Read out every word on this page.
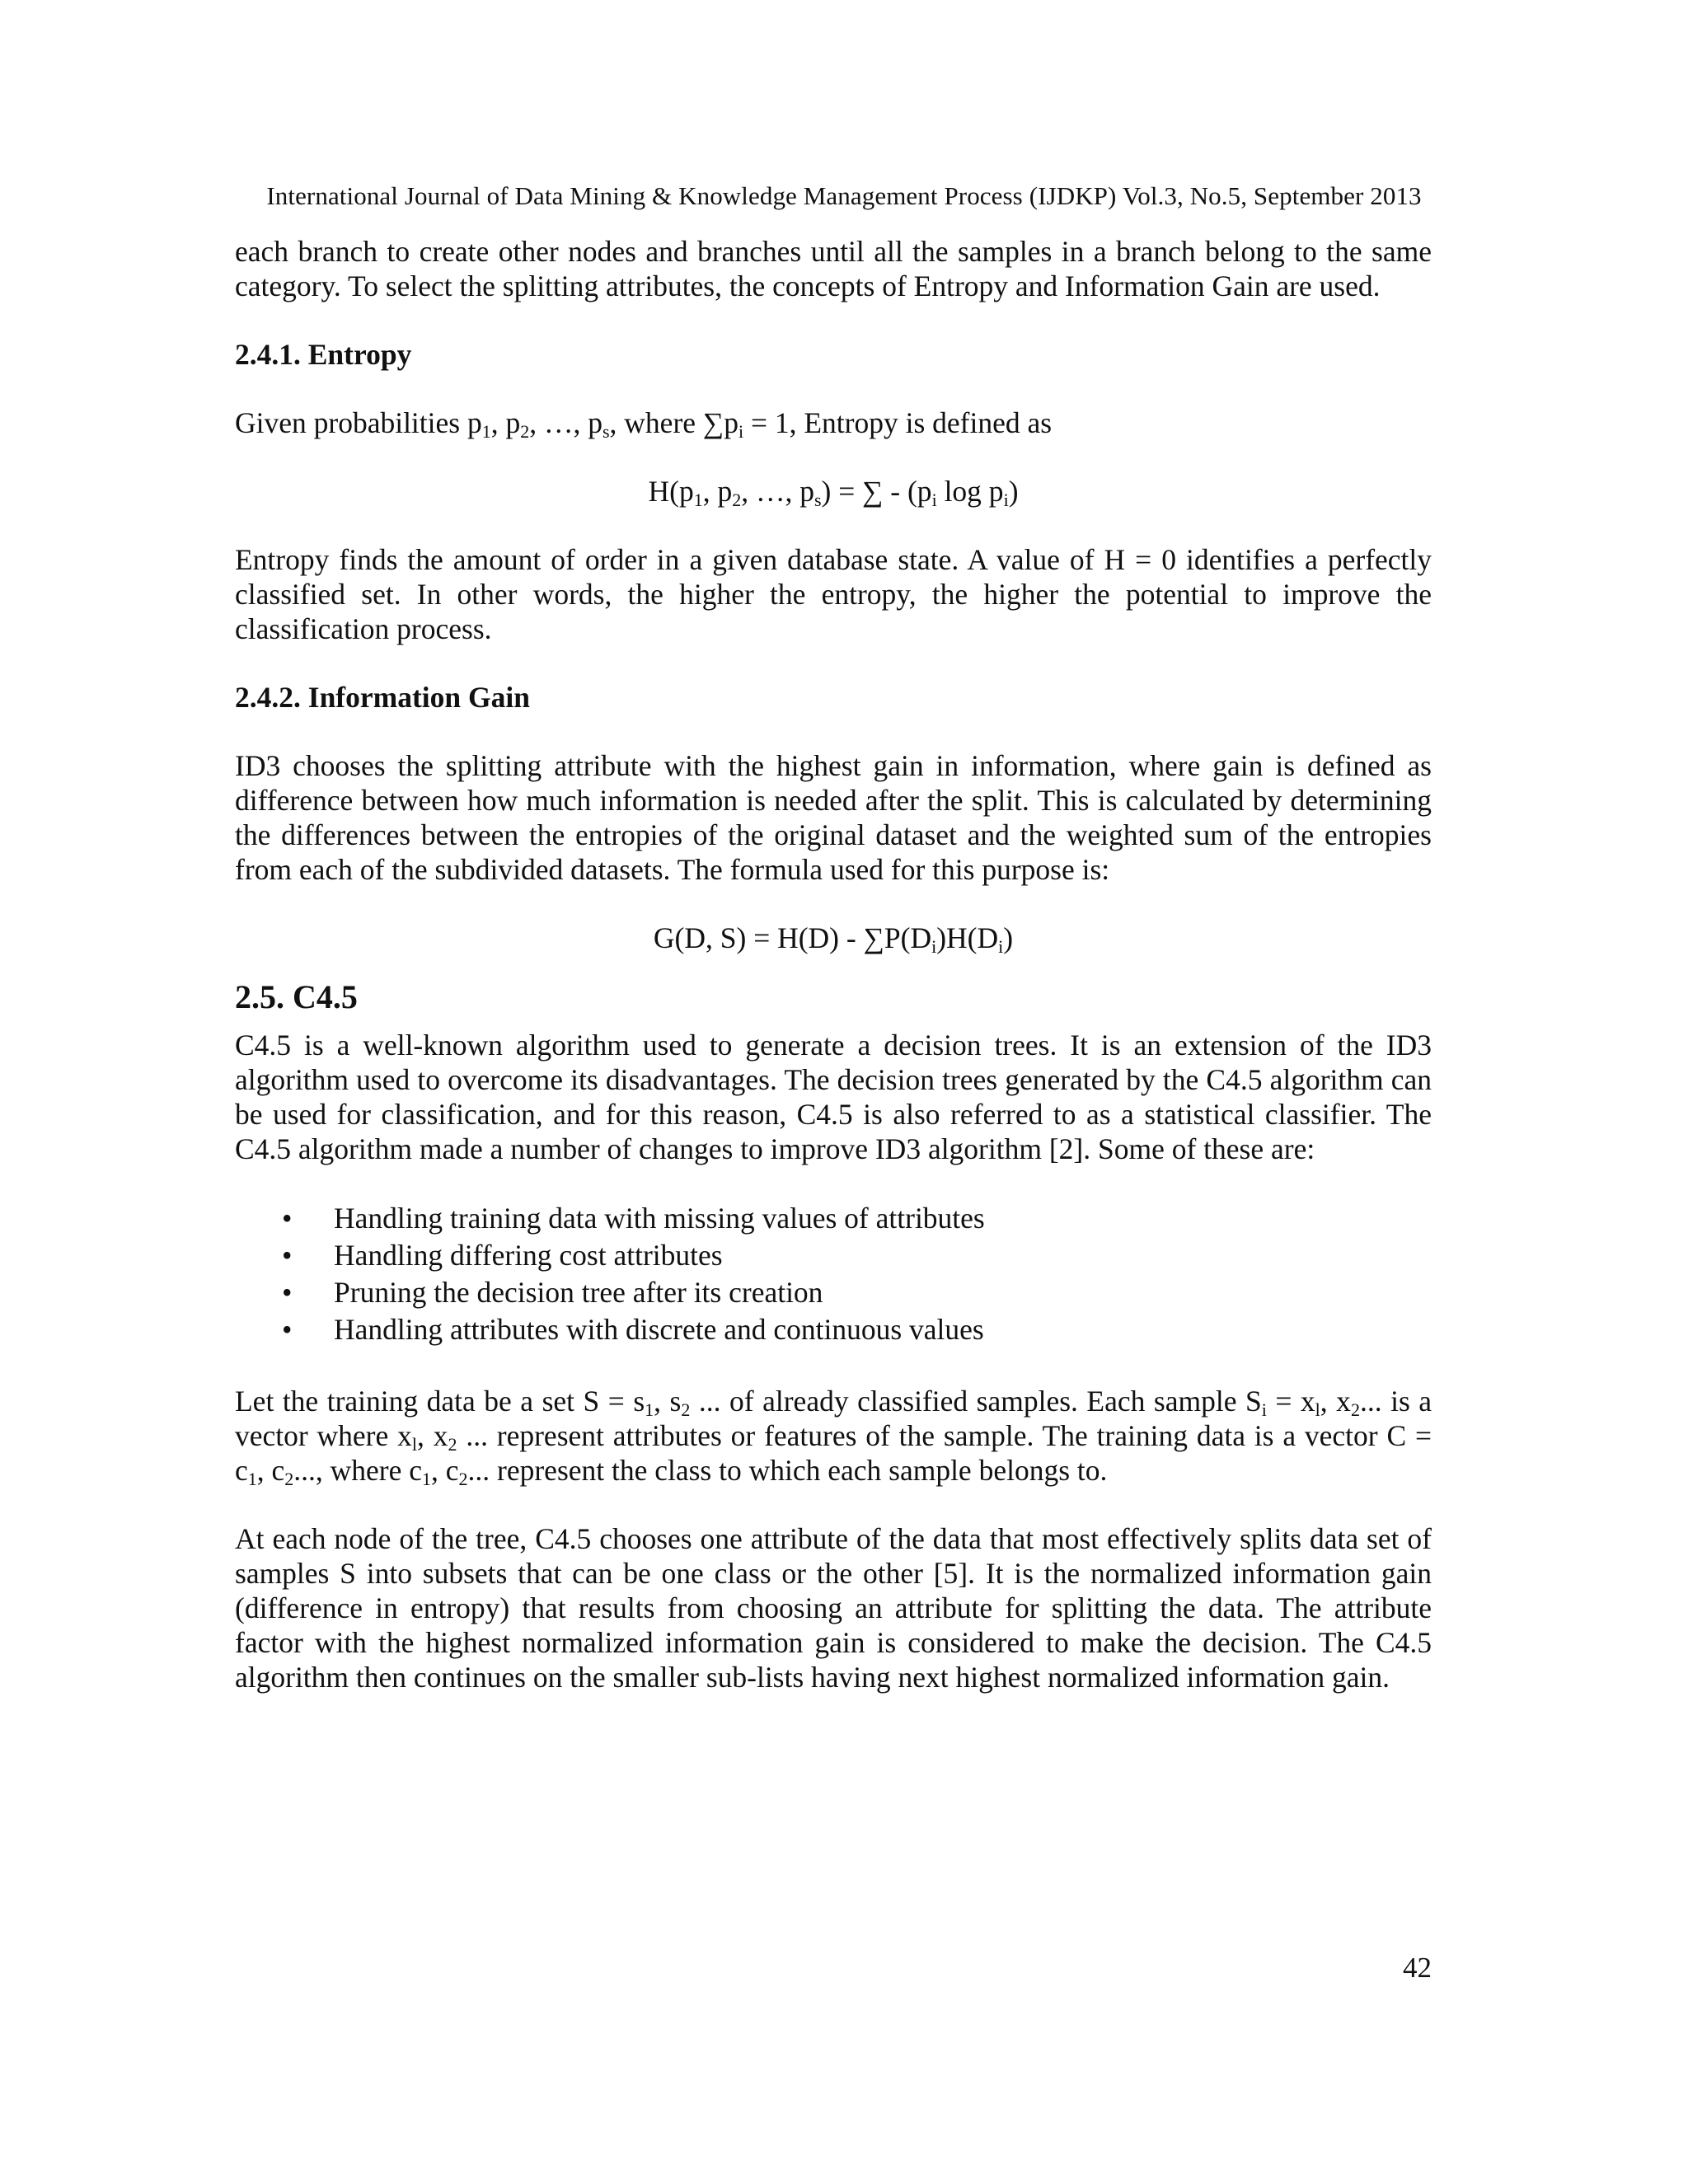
International Journal of Data Mining & Knowledge Management Process (IJDKP) Vol.3, No.5, September 2013

each branch to create other nodes and branches until all the samples in a branch belong to the same category. To select the splitting attributes, the concepts of Entropy and Information Gain are used.

2.4.1. Entropy

Given probabilities $p_1$, $p_2$, …, $p_s$, where $\sum p_i = 1$, Entropy is defined as

$H(p_1$, $p_2$, …, $p_s$) = ∑ - ($p_i$ $\log p_i$)

Entropy finds the amount of order in a given database state. A value of H = 0 identifies a perfectly classified set. In other words, the higher the entropy, the higher the potential to improve the classification process.

2.4.2. Information Gain

ID3 chooses the splitting attribute with the highest gain in information, where gain is defined as difference between how much information is needed after the split. This is calculated by determining the differences between the entropies of the original dataset and the weighted sum of the entropies from each of the subdivided datasets. The formula used for this purpose is:

G(D, $S) = H(D) - \sum P(D_i)H(D_i)$

2.5. C4.5

C4.5 is a well-known algorithm used to generate a decision trees. It is an extension of the ID3 algorithm used to overcome its disadvantages. The decision trees generated by the C4.5 algorithm can be used for classification, and for this reason, C4.5 is also referred to as a statistical classifier. The C4.5 algorithm made a number of changes to improve ID3 algorithm [2]. Some of these are:

• Handling training data with missing values of attributes
• Handling differing cost attributes
• Pruning the decision tree after its creation
• Handling attributes with discrete and continuous values

Let the training data be a set $S = s_1$, $s_2$ ... of already classified samples. Each sample $S_i = x_l$, $x_2$... is a vector where $x_l$, $x_2$ ... represent attributes or features of the sample. The training data is a vector $C = c_1$, $c_2$..., where $c_1$, $c_2$... represent the class to which each sample belongs to.

At each node of the tree, C4.5 chooses one attribute of the data that most effectively splits data set of samples S into subsets that can be one class or the other [5]. It is the normalized information gain (difference in entropy) that results from choosing an attribute for splitting the data. The attribute factor with the highest normalized information gain is considered to make the decision. The C4.5 algorithm then continues on the smaller sub-lists having next highest normalized information gain.

42
